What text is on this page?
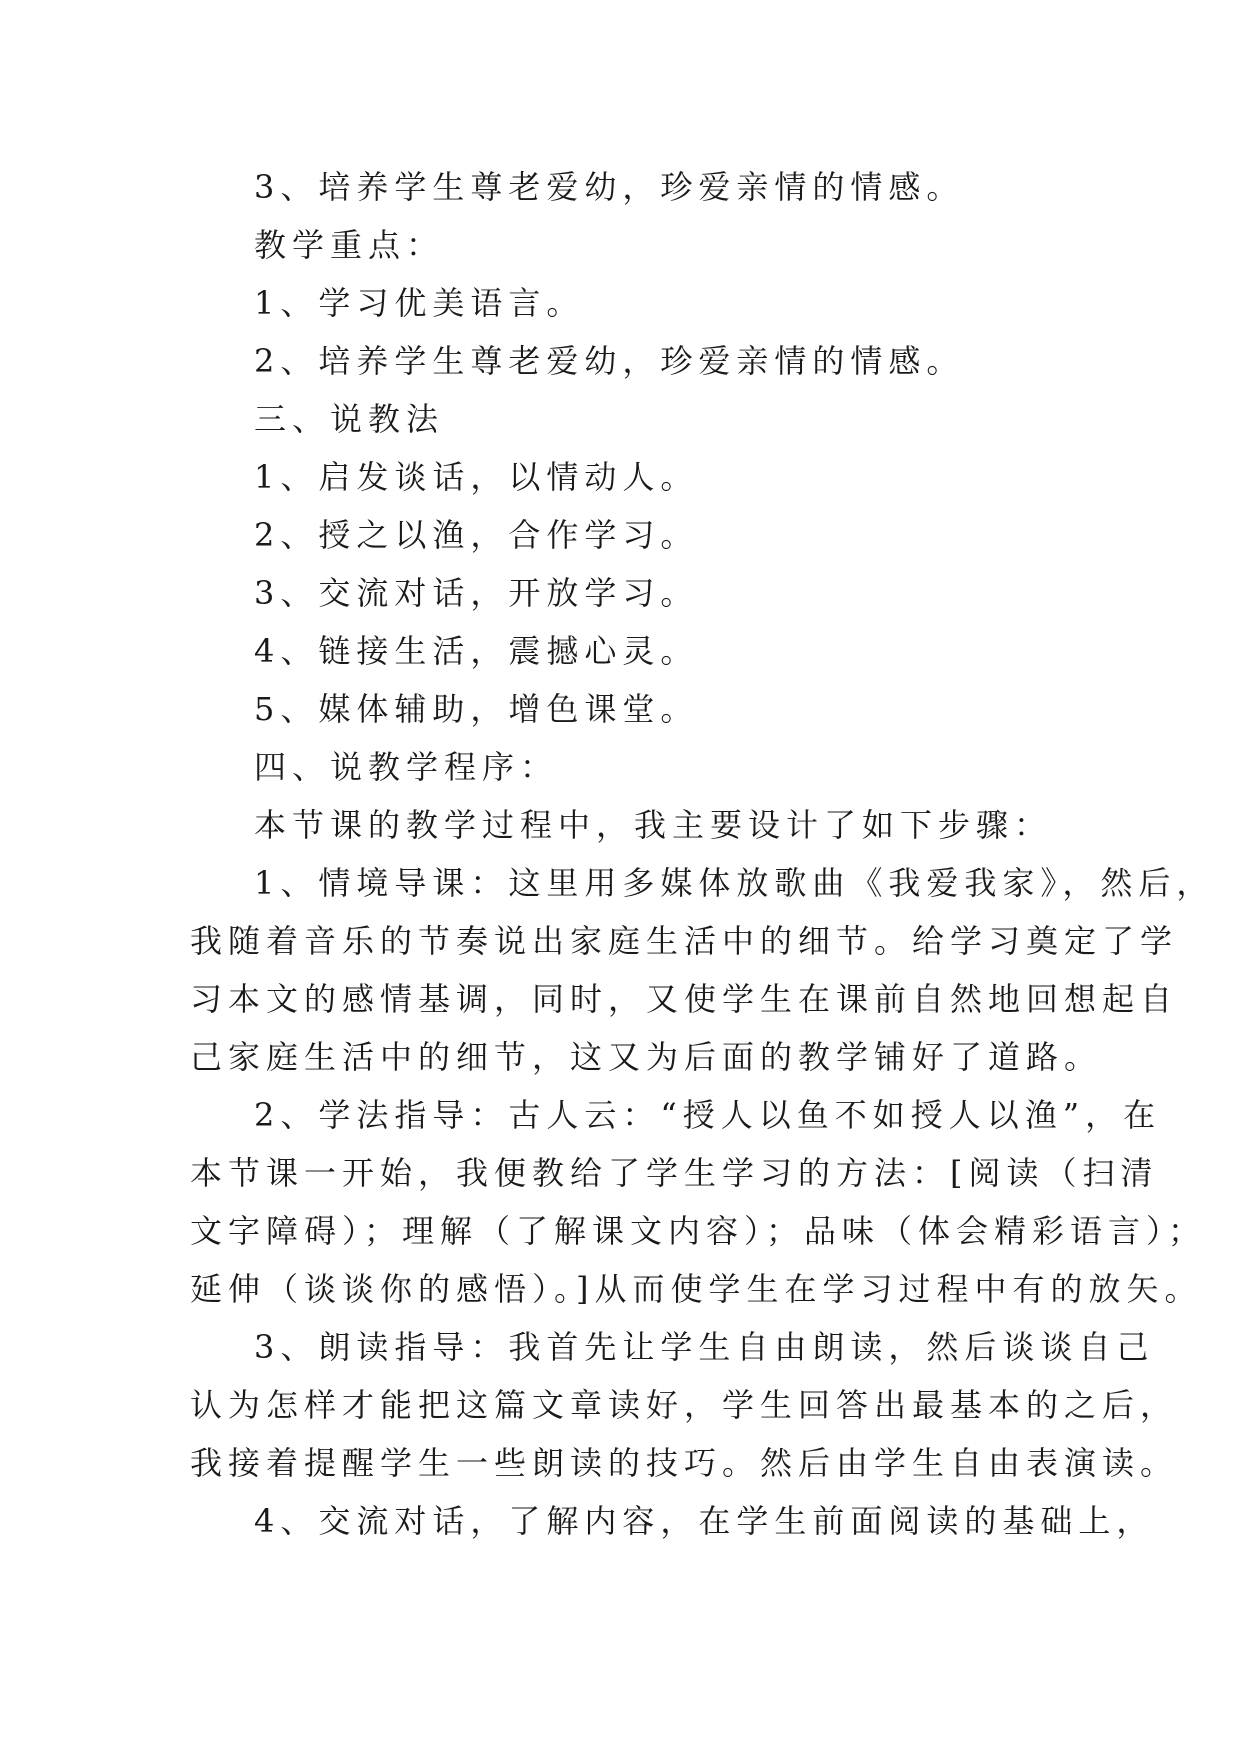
3、培养学生尊老爱幼，珍爱亲情的情感。
教学重点：
1、学习优美语言。
2、培养学生尊老爱幼，珍爱亲情的情感。
三、说教法
1、启发谈话，以情动人。
2、授之以渔，合作学习。
3、交流对话，开放学习。
4、链接生活，震撼心灵。
5、媒体辅助，增色课堂。
四、说教学程序：
本节课的教学过程中，我主要设计了如下步骤：
1、情境导课：这里用多媒体放歌曲《我爱我家》，然后，
我随着音乐的节奏说出家庭生活中的细节。给学习奠定了学
习本文的感情基调，同时，又使学生在课前自然地回想起自
己家庭生活中的细节，这又为后面的教学铺好了道路。
2、学法指导：古人云：“授人以鱼不如授人以渔”，在
本节课一开始，我便教给了学生学习的方法：[阅读（扫清
文字障碍）；理解（了解课文内容）；品味（体会精彩语言）；
延伸（谈谈你的感悟）。]从而使学生在学习过程中有的放矢。
3、朗读指导：我首先让学生自由朗读，然后谈谈自己
认为怎样才能把这篇文章读好，学生回答出最基本的之后，
我接着提醒学生一些朗读的技巧。然后由学生自由表演读。
4、交流对话，了解内容，在学生前面阅读的基础上，
